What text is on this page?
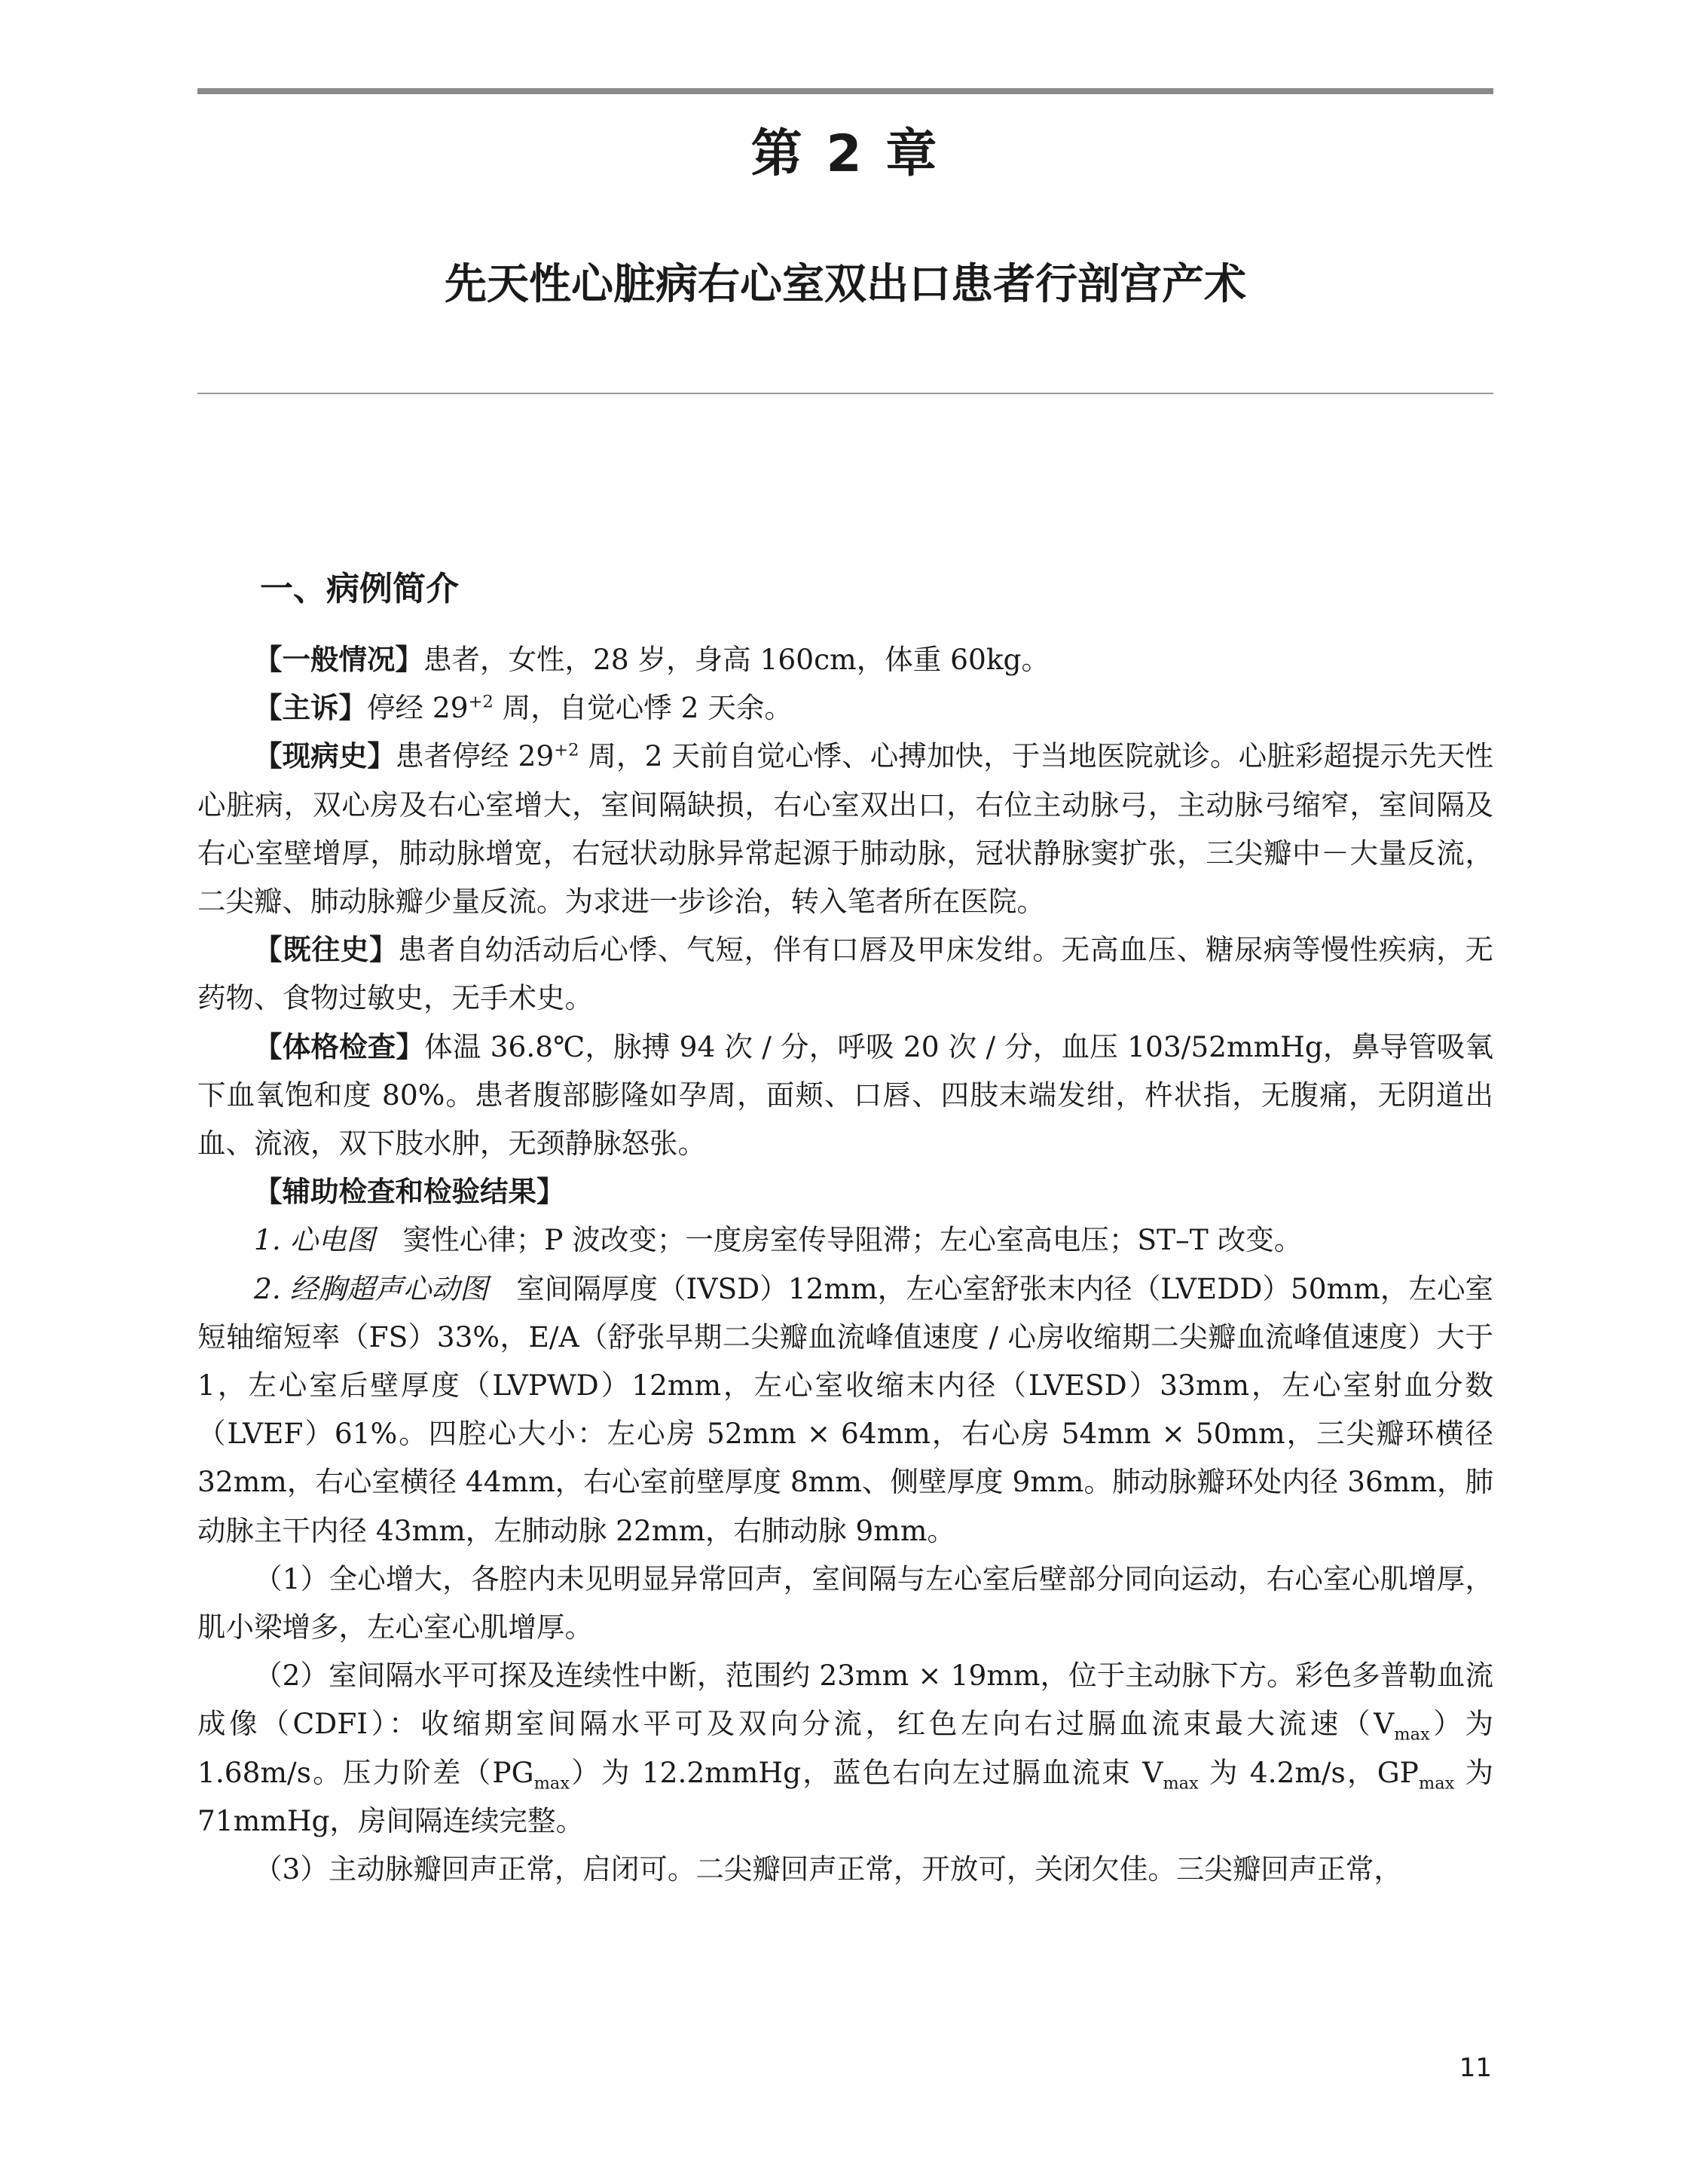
第 2 章
先天性心脏病右心室双出口患者行剖宫产术
一、病例简介

【一般情况】患者，女性，28 岁，身高 160cm，体重 60kg。

【主诉】停经 $29^{+2}$ 周，自觉心悸 2 天余。

【现病史】患者停经 $29^{+2}$ 周，2 天前自觉心悸、心搏加快，于当地医院就诊。心脏彩超提示先天性心脏病，双心房及右心室增大，室间隔缺损，右心室双出口，右位主动脉弓，主动脉弓缩窄，室间隔及右心室壁增厚，肺动脉增宽，右冠状动脉异常起源于肺动脉，冠状静脉窦扩张，三尖瓣中－大量反流，二尖瓣、肺动脉瓣少量反流。为求进一步诊治，转入笔者所在医院。

【既往史】患者自幼活动后心悸、气短，伴有口唇及甲床发绀。无高血压、糖尿病等慢性疾病，无药物、食物过敏史，无手术史。

【体格检查】体温 36.8℃，脉搏 94 次 / 分，呼吸 20 次 / 分，血压 103/52mmHg，鼻导管吸氧下血氧饱和度 80%。患者腹部膨隆如孕周，面颊、口唇、四肢末端发绀，杵状指，无腹痛，无阴道出血、流液，双下肢水肿，无颈静脉怒张。

【辅助检查和检验结果】

1. 心电图　窦性心律；P 波改变；一度房室传导阻滞；左心室高电压；ST–T 改变。

2. 经胸超声心动图　室间隔厚度（IVSD）12mm，左心室舒张末内径（LVEDD）50mm，左心室短轴缩短率（FS）33%，E/A（舒张早期二尖瓣血流峰值速度 / 心房收缩期二尖瓣血流峰值速度）大于 1，左心室后壁厚度（LVPWD）12mm，左心室收缩末内径（LVESD）33mm，左心室射血分数（LVEF）61%。四腔心大小：左心房 52mm × 64mm，右心房 54mm × 50mm，三尖瓣环横径 32mm，右心室横径 44mm，右心室前壁厚度 8mm、侧壁厚度 9mm。肺动脉瓣环处内径 36mm，肺动脉主干内径 43mm，左肺动脉 22mm，右肺动脉 9mm。

（1）全心增大，各腔内未见明显异常回声，室间隔与左心室后壁部分同向运动，右心室心肌增厚，肌小梁增多，左心室心肌增厚。

（2）室间隔水平可探及连续性中断，范围约 23mm × 19mm，位于主动脉下方。彩色多普勒血流成像（CDFI）：收缩期室间隔水平可及双向分流，红色左向右过膈血流束最大流速$(V_{max})$为 1.68m/s。压力阶差$(PG_{max})$为 12.2mmHg，蓝色右向左过膈血流束 $V_{max}$ 为 4.2m/s，$GP_{max}$ 为 71mmHg，房间隔连续完整。

（3）主动脉瓣回声正常，启闭可。二尖瓣回声正常，开放可，关闭欠佳。三尖瓣回声正常，

11
